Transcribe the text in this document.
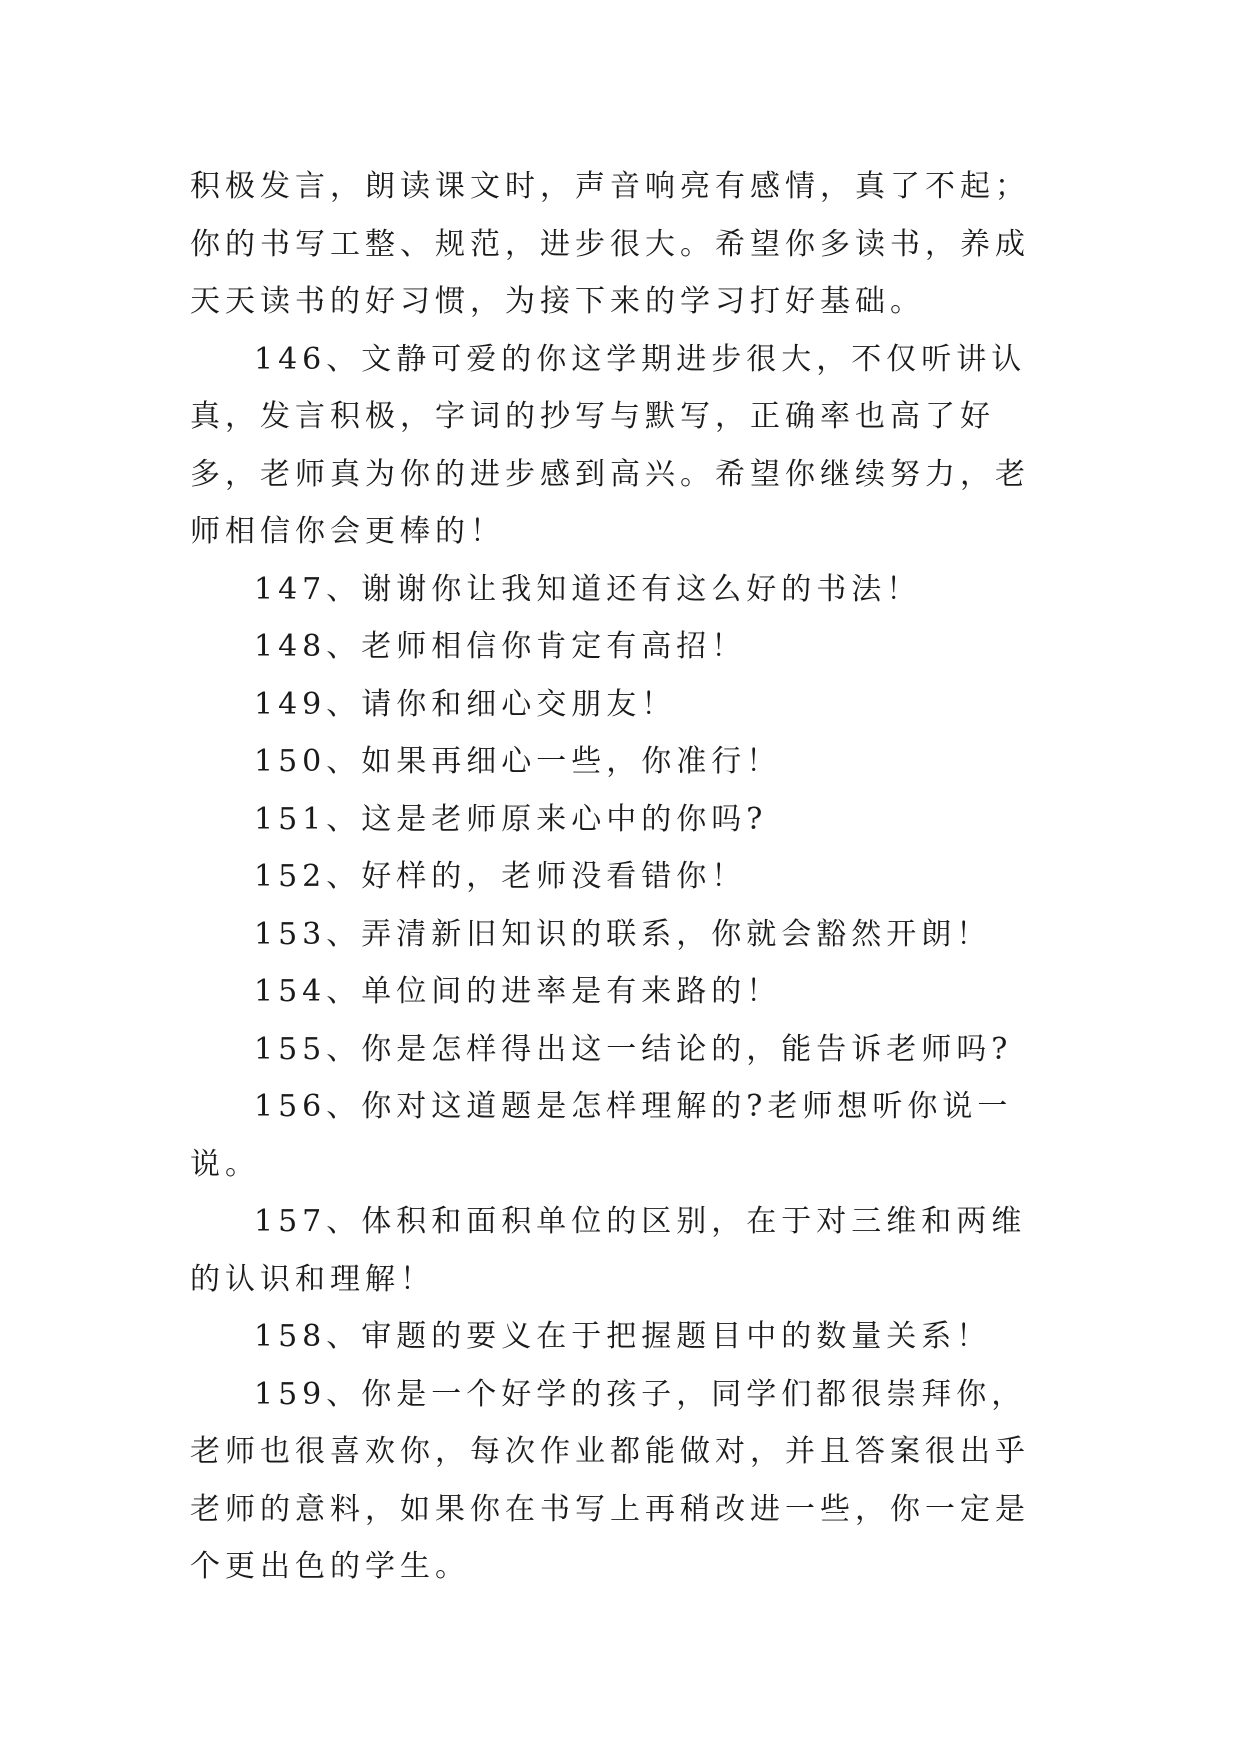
积极发言，朗读课文时，声音响亮有感情，真了不起；你的书写工整、规范，进步很大。希望你多读书，养成天天读书的好习惯，为接下来的学习打好基础。

146、文静可爱的你这学期进步很大，不仅听讲认真，发言积极，字词的抄写与默写，正确率也高了好多，老师真为你的进步感到高兴。希望你继续努力，老师相信你会更棒的！

147、谢谢你让我知道还有这么好的书法！

148、老师相信你肯定有高招！

149、请你和细心交朋友！

150、如果再细心一些，你准行！

151、这是老师原来心中的你吗?

152、好样的，老师没看错你！

153、弄清新旧知识的联系，你就会豁然开朗！

154、单位间的进率是有来路的！

155、你是怎样得出这一结论的，能告诉老师吗?

156、你对这道题是怎样理解的?老师想听你说一说。

157、体积和面积单位的区别，在于对三维和两维的认识和理解！

158、审题的要义在于把握题目中的数量关系！

159、你是一个好学的孩子，同学们都很崇拜你，老师也很喜欢你，每次作业都能做对，并且答案很出乎老师的意料，如果你在书写上再稍改进一些，你一定是个更出色的学生。
